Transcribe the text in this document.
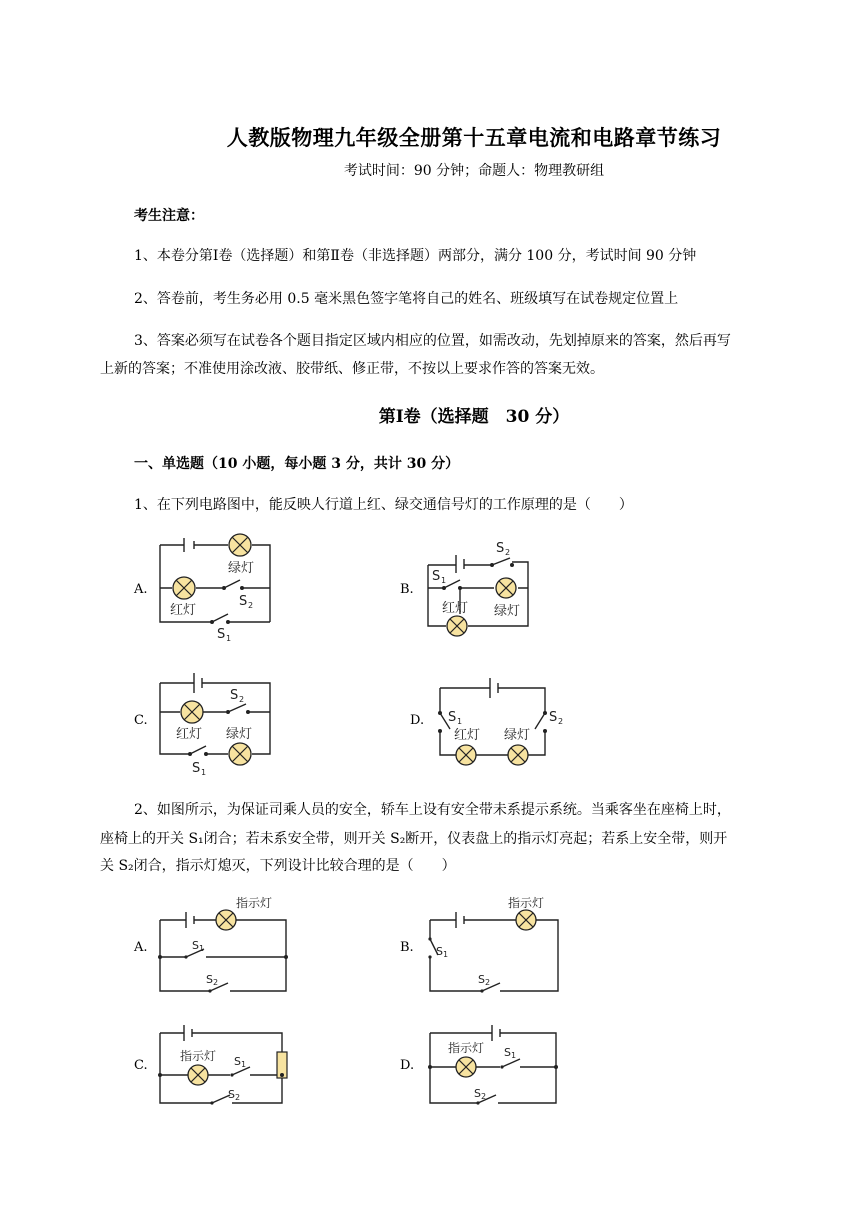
人教版物理九年级全册第十五章电流和电路章节练习
考试时间：90 分钟；命题人：物理教研组
考生注意：
1、本卷分第Ⅰ卷（选择题）和第Ⅱ卷（非选择题）两部分，满分 100 分，考试时间 90 分钟
2、答卷前，考生务必用 0.5 毫米黑色签字笔将自己的姓名、班级填写在试卷规定位置上
3、答案必须写在试卷各个题目指定区域内相应的位置，如需改动，先划掉原来的答案，然后再写
上新的答案；不准使用涂改液、胶带纸、修正带，不按以上要求作答的答案无效。
第Ⅰ卷（选择题　30 分）
一、单选题（10 小题，每小题 3 分，共计 30 分）
1、在下列电路图中，能反映人行道上红、绿交通信号灯的工作原理的是（　　）
A.
绿灯
红灯
S 2
S 1
B.
S 2
S 1
红灯 绿灯
C.
S 2
红灯 绿灯
S 1
D. S 1	S 2
红灯 绿灯
2、如图所示，为保证司乘人员的安全，轿车上设有安全带未系提示系统。当乘客坐在座椅上时，
座椅上的开关 S₁闭合；若未系安全带，则开关 S₂断开，仪表盘上的指示灯亮起；若系上安全带，则开
关 S₂闭合，指示灯熄灭，下列设计比较合理的是（　　）
A.
指示灯
S 1
S 2
B.
指示灯
S 1
S 2
C.
指示灯 S 1
S 2
D.
指示灯 S 1
S 2
